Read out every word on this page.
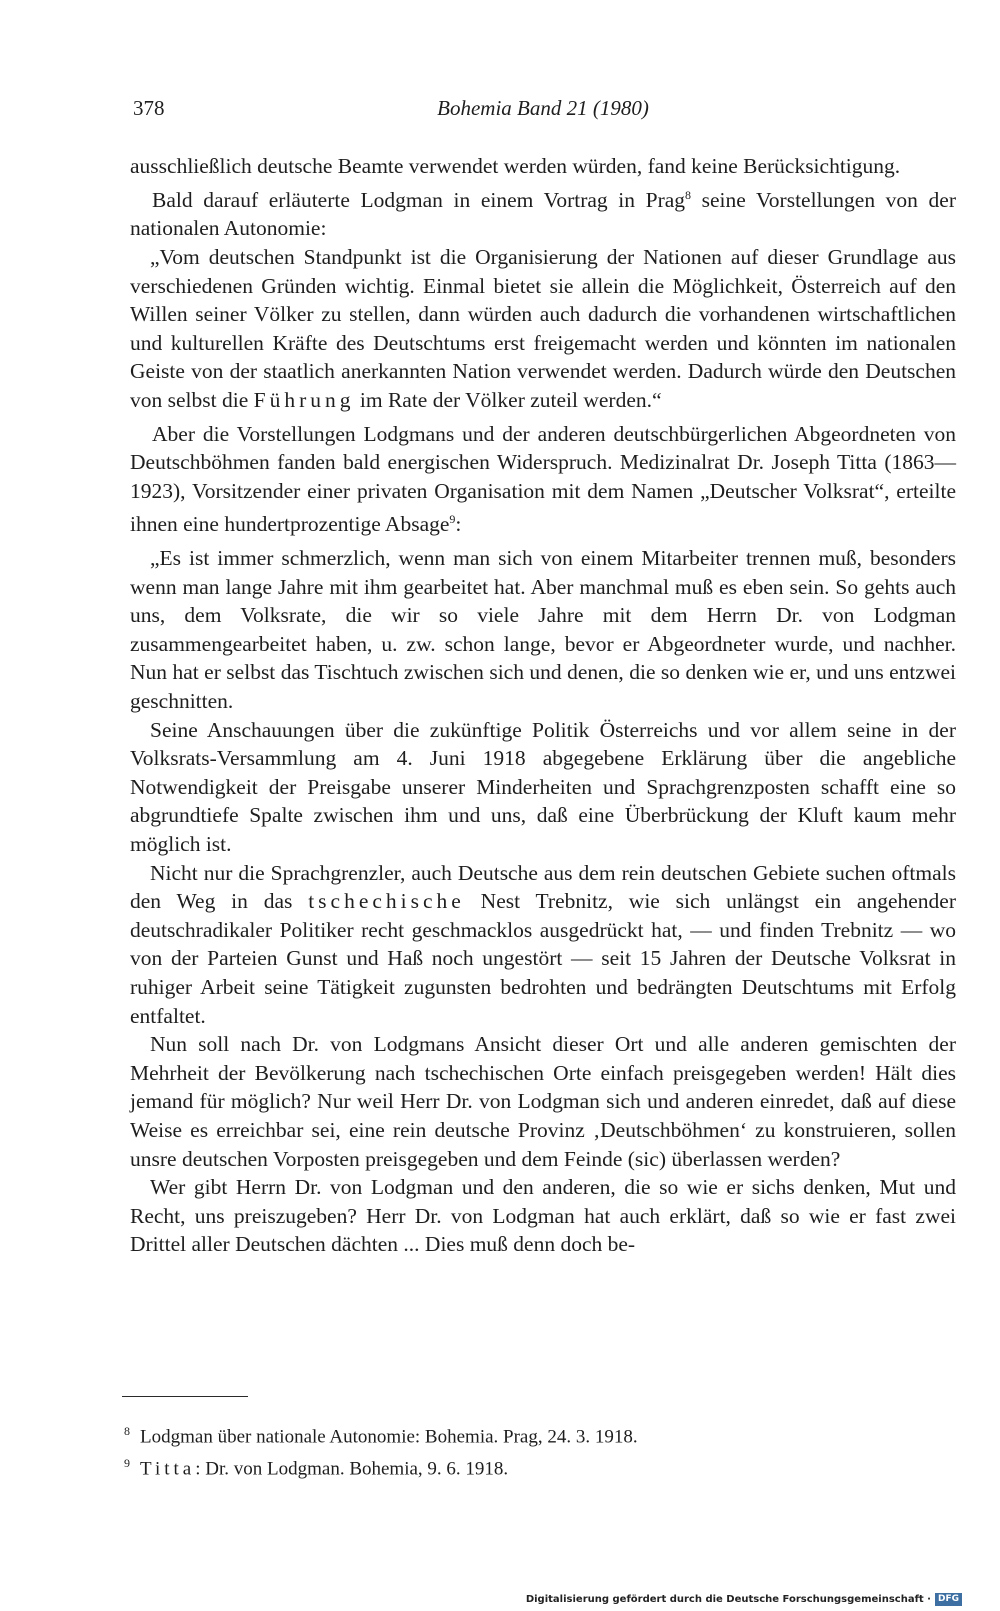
378	Bohemia Band 21 (1980)

ausschließlich deutsche Beamte verwendet werden würden, fand keine Berücksichtigung.

Bald darauf erläuterte Lodgman in einem Vortrag in Prag$^8$ seine Vorstellungen von der nationalen Autonomie:

„Vom deutschen Standpunkt ist die Organisierung der Nationen auf dieser Grundlage aus verschiedenen Gründen wichtig. Einmal bietet sie allein die Möglichkeit, Österreich auf den Willen seiner Völker zu stellen, dann würden auch dadurch die vorhandenen wirtschaftlichen und kulturellen Kräfte des Deutschtums erst freigemacht werden und könnten im nationalen Geiste von der staatlich anerkannten Nation verwendet werden. Dadurch würde den Deutschen von selbst die Führung im Rate der Völker zuteil werden.“

Aber die Vorstellungen Lodgmans und der anderen deutschbürgerlichen Abgeordneten von Deutschböhmen fanden bald energischen Widerspruch. Medizinalrat Dr. Joseph Titta (1863—1923), Vorsitzender einer privaten Organisation mit dem Namen „Deutscher Volksrat“, erteilte ihnen eine hundertprozentige Absage$^9$:

„Es ist immer schmerzlich, wenn man sich von einem Mitarbeiter trennen muß, besonders wenn man lange Jahre mit ihm gearbeitet hat. Aber manchmal muß es eben sein. So gehts auch uns, dem Volksrate, die wir so viele Jahre mit dem Herrn Dr. von Lodgman zusammengearbeitet haben, u. zw. schon lange, bevor er Abgeordneter wurde, und nachher. Nun hat er selbst das Tischtuch zwischen sich und denen, die so denken wie er, und uns entzwei geschnitten.

Seine Anschauungen über die zukünftige Politik Österreichs und vor allem seine in der Volksrats-Versammlung am 4. Juni 1918 abgegebene Erklärung über die angebliche Notwendigkeit der Preisgabe unserer Minderheiten und Sprachgrenzposten schafft eine so abgrundtiefe Spalte zwischen ihm und uns, daß eine Überbrückung der Kluft kaum mehr möglich ist.

Nicht nur die Sprachgrenzler, auch Deutsche aus dem rein deutschen Gebiete suchen oftmals den Weg in das tschechische Nest Trebnitz, wie sich unlängst ein angehender deutschradikaler Politiker recht geschmacklos ausgedrückt hat, — und finden Trebnitz — wo von der Parteien Gunst und Haß noch ungestört — seit 15 Jahren der Deutsche Volksrat in ruhiger Arbeit seine Tätigkeit zugunsten bedrohten und bedrängten Deutschtums mit Erfolg entfaltet.

Nun soll nach Dr. von Lodgmans Ansicht dieser Ort und alle anderen gemischten der Mehrheit der Bevölkerung nach tschechischen Orte einfach preisgegeben werden! Hält dies jemand für möglich? Nur weil Herr Dr. von Lodgman sich und anderen einredet, daß auf diese Weise es erreichbar sei, eine rein deutsche Provinz ‚Deutschböhmen‘ zu konstruieren, sollen unsre deutschen Vorposten preisgegeben und dem Feinde (sic) überlassen werden?

Wer gibt Herrn Dr. von Lodgman und den anderen, die so wie er sichs denken, Mut und Recht, uns preiszugeben? Herr Dr. von Lodgman hat auch erklärt, daß so wie er fast zwei Drittel aller Deutschen dächten ... Dies muß denn doch be-

$^8$ Lodgman über nationale Autonomie: Bohemia. Prag, 24. 3. 1918.

$^9$ Titta: Dr. von Lodgman. Bohemia, 9. 6. 1918.

Digitalisierung gefördert durch die Deutsche Forschungsgemeinschaft · DFG
